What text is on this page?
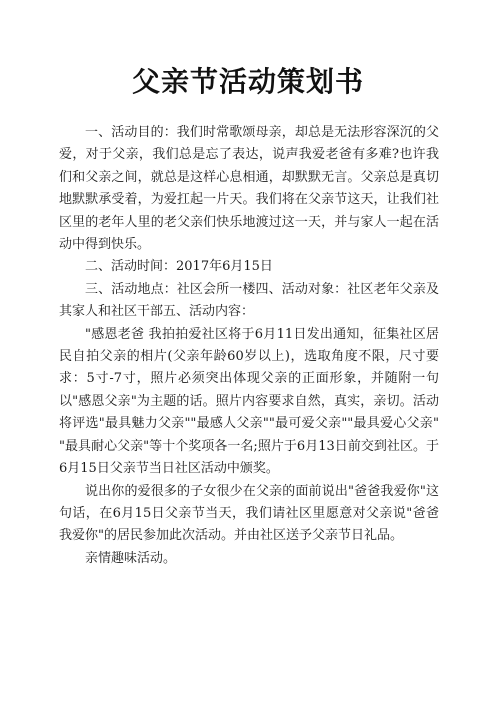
父亲节活动策划书

一、活动目的：我们时常歌颂母亲，却总是无法形容深沉的父爱，对于父亲，我们总是忘了表达，说声我爱老爸有多难?也许我们和父亲之间，就总是这样心息相通，却默默无言。父亲总是真切地默默承受着，为爱扛起一片天。我们将在父亲节这天，让我们社区里的老年人里的老父亲们快乐地渡过这一天，并与家人一起在活动中得到快乐。

二、活动时间：2017年6月15日

三、活动地点：社区会所一楼四、活动对象：社区老年父亲及其家人和社区干部五、活动内容：

"感恩老爸 我拍拍爱社区将于6月11日发出通知，征集社区居民自拍父亲的相片(父亲年龄60岁以上)，选取角度不限，尺寸要求：5寸-7寸，照片必须突出体现父亲的正面形象，并随附一句以"感恩父亲"为主题的话。照片内容要求自然，真实，亲切。活动将评选"最具魅力父亲""最感人父亲""最可爱父亲""最具爱心父亲" "最具耐心父亲"等十个奖项各一名;照片于6月13日前交到社区。于6月15日父亲节当日社区活动中颁奖。

说出你的爱很多的子女很少在父亲的面前说出"爸爸我爱你"这句话，在6月15日父亲节当天，我们请社区里愿意对父亲说"爸爸我爱你"的居民参加此次活动。并由社区送予父亲节日礼品。

亲情趣味活动。
